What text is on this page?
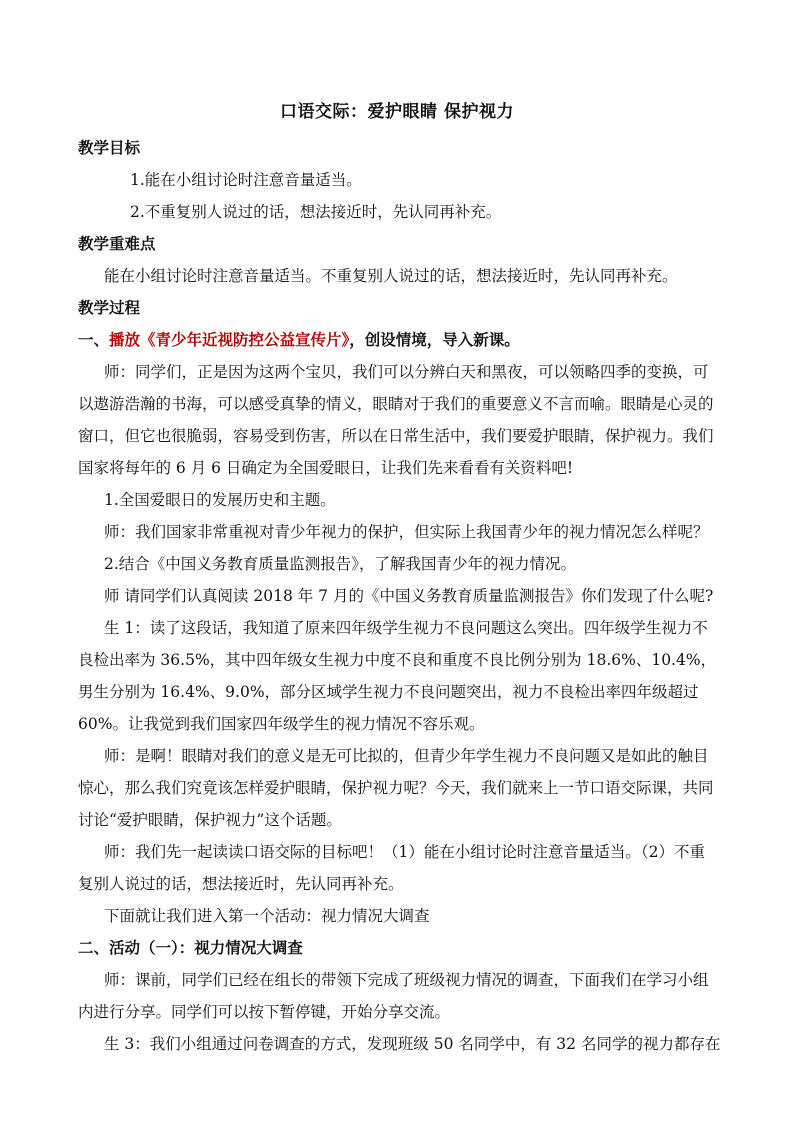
口语交际：爱护眼睛 保护视力
教学目标
1.能在小组讨论时注意音量适当。
2.不重复别人说过的话，想法接近时，先认同再补充。
教学重难点
能在小组讨论时注意音量适当。不重复别人说过的话，想法接近时，先认同再补充。
教学过程
一、播放《青少年近视防控公益宣传片》，创设情境，导入新课。
师：同学们，正是因为这两个宝贝，我们可以分辨白天和黑夜，可以领略四季的变换，可
以遨游浩瀚的书海，可以感受真挚的情义，眼睛对于我们的重要意义不言而喻。眼睛是心灵的
窗口，但它也很脆弱，容易受到伤害，所以在日常生活中，我们要爱护眼睛，保护视力。我们
国家将每年的 6 月 6 日确定为全国爱眼日，让我们先来看看有关资料吧!
1.全国爱眼日的发展历史和主题。
师：我们国家非常重视对青少年视力的保护，但实际上我国青少年的视力情况怎么样呢？
2.结合《中国义务教育质量监测报告》，了解我国青少年的视力情况。
师 请同学们认真阅读 2018 年 7 月的《中国义务教育质量监测报告》你们发现了什么呢?
生 1：读了这段话，我知道了原来四年级学生视力不良问题这么突出。四年级学生视力不
良检出率为 36.5%，其中四年级女生视力中度不良和重度不良比例分别为 18.6%、10.4%，
男生分别为 16.4%、9.0%，部分区域学生视力不良问题突出，视力不良检出率四年级超过
60%。让我觉到我们国家四年级学生的视力情况不容乐观。
师：是啊！眼睛对我们的意义是无可比拟的，但青少年学生视力不良问题又是如此的触目
惊心，那么我们究竟该怎样爱护眼睛，保护视力呢？今天，我们就来上一节口语交际课，共同
讨论“爱护眼睛，保护视力”这个话题。
师：我们先一起读读口语交际的目标吧！（1）能在小组讨论时注意音量适当。（2）不重
复别人说过的话，想法接近时，先认同再补充。
下面就让我们进入第一个活动：视力情况大调查
二、活动（一）：视力情况大调查
师：课前，同学们已经在组长的带领下完成了班级视力情况的调查，下面我们在学习小组
内进行分享。同学们可以按下暂停键，开始分享交流。
生 3：我们小组通过问卷调查的方式，发现班级 50 名同学中，有 32 名同学的视力都存在
